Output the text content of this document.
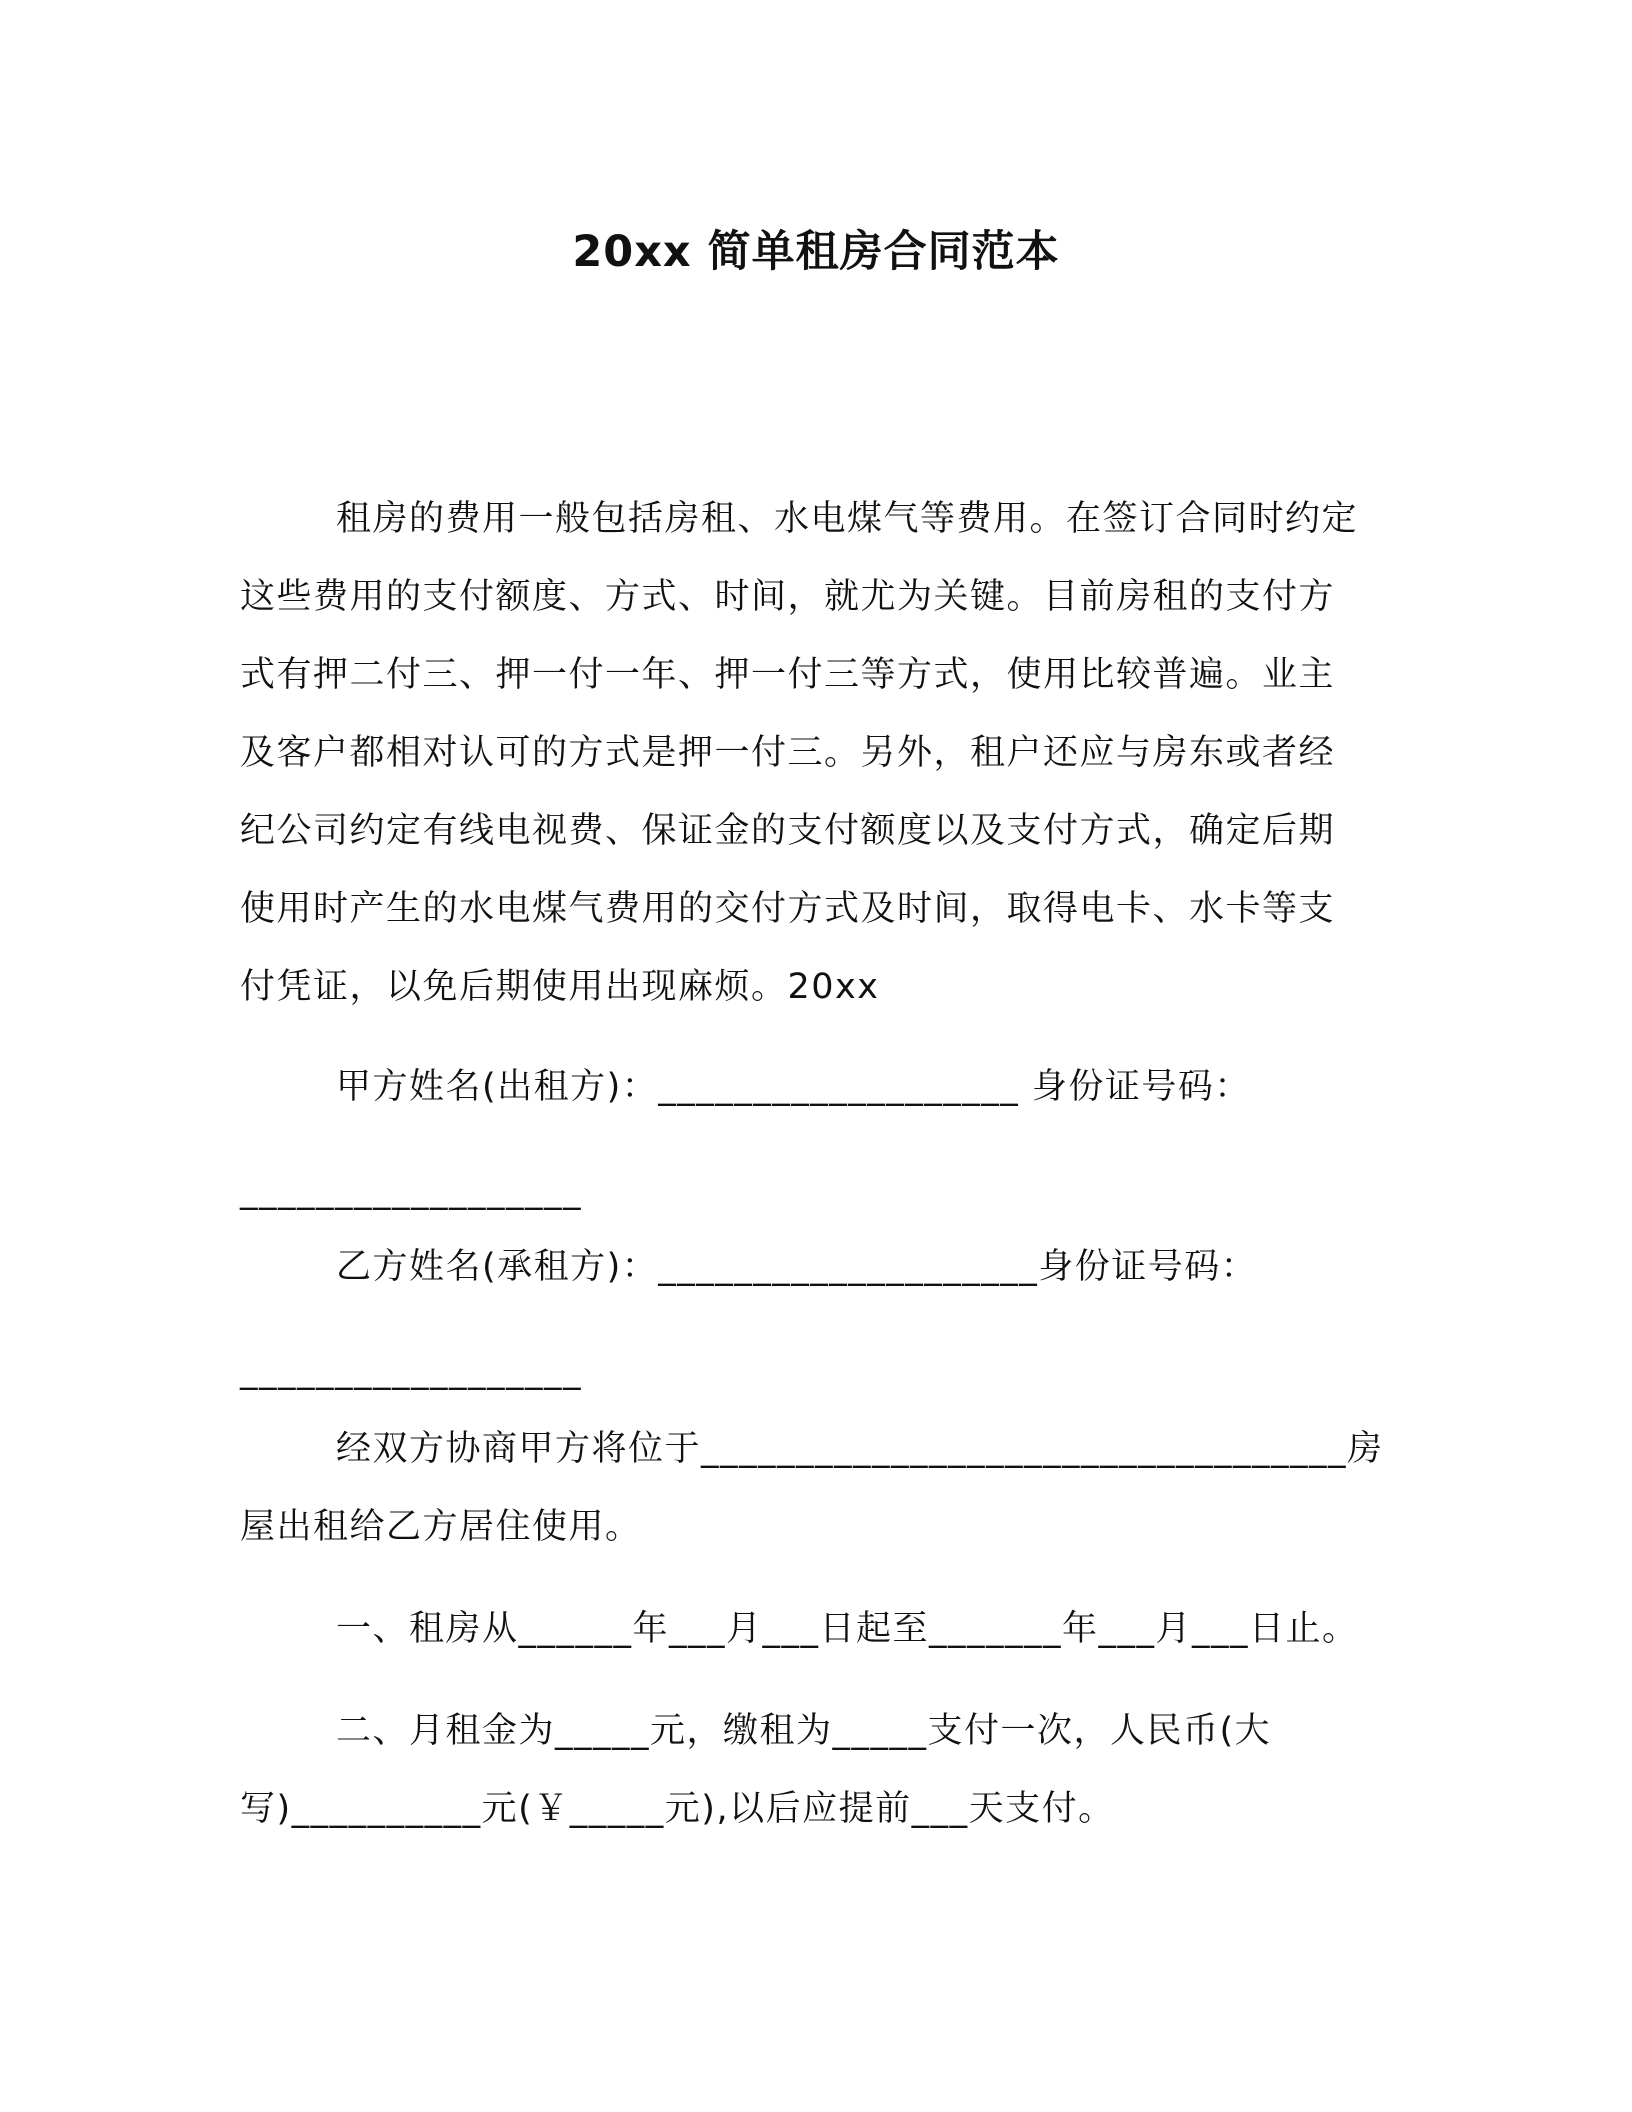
20xx 简单租房合同范本
租房的费用一般包括房租、水电煤气等费用。在签订合同时约定
这些费用的支付额度、方式、时间，就尤为关键。目前房租的支付方
式有押二付三、押一付一年、押一付三等方式，使用比较普遍。业主
及客户都相对认可的方式是押一付三。另外，租户还应与房东或者经
纪公司约定有线电视费、保证金的支付额度以及支付方式，确定后期
使用时产生的水电煤气费用的交付方式及时间，取得电卡、水卡等支
付凭证，以免后期使用出现麻烦。20xx
甲方姓名(出租方)：___________________ 身份证号码：
__________________
乙方姓名(承租方)：____________________身份证号码：
__________________
经双方协商甲方将位于__________________________________房
屋出租给乙方居住使用。
一、租房从______年___月___日起至_______年___月___日止。
二、月租金为_____元，缴租为_____支付一次，人民币(大
写)__________元(￥_____元),以后应提前___天支付。
